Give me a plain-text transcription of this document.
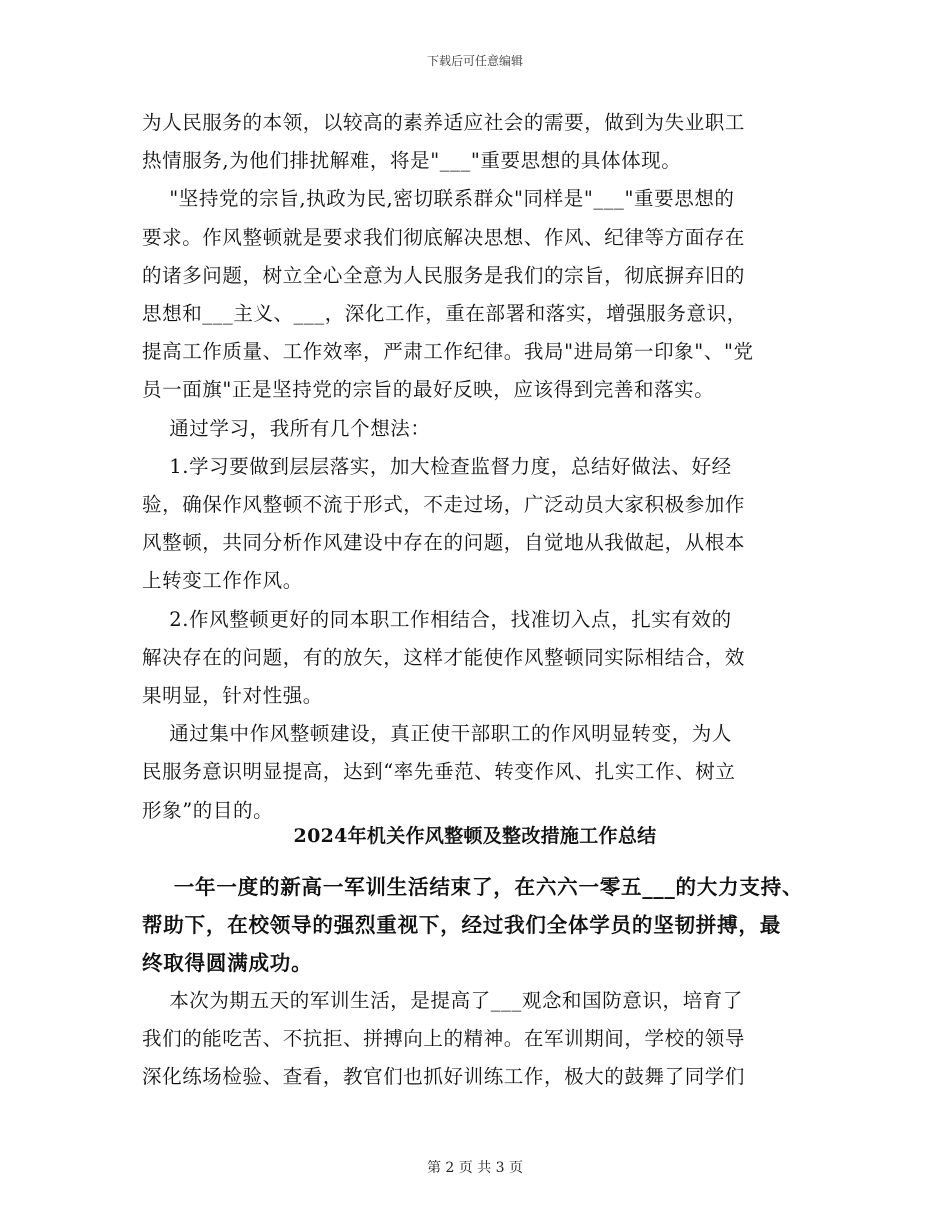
下载后可任意编辑

为人民服务的本领，以较高的素养适应社会的需要，做到为失业职工

热情服务,为他们排扰解难，将是"___"重要思想的具体体现。

"坚持党的宗旨,执政为民,密切联系群众"同样是"___"重要思想的

要求。作风整顿就是要求我们彻底解决思想、作风、纪律等方面存在

的诸多问题，树立全心全意为人民服务是我们的宗旨，彻底摒弃旧的

思想和___主义、___，深化工作，重在部署和落实，增强服务意识，

提高工作质量、工作效率，严肃工作纪律。我局"进局第一印象"、"党

员一面旗"正是坚持党的宗旨的最好反映，应该得到完善和落实。

通过学习，我所有几个想法：

1.学习要做到层层落实，加大检查监督力度，总结好做法、好经

验，确保作风整顿不流于形式，不走过场，广泛动员大家积极参加作

风整顿，共同分析作风建设中存在的问题，自觉地从我做起，从根本

上转变工作作风。

2.作风整顿更好的同本职工作相结合，找准切入点，扎实有效的

解决存在的问题，有的放矢，这样才能使作风整顿同实际相结合，效

果明显，针对性强。

通过集中作风整顿建设，真正使干部职工的作风明显转变，为人

民服务意识明显提高，达到“率先垂范、转变作风、扎实工作、树立

形象”的目的。

2024年机关作风整顿及整改措施工作总结

一年一度的新高一军训生活结束了，在六六一零五___的大力支持、

帮助下，在校领导的强烈重视下，经过我们全体学员的坚韧拼搏，最

终取得圆满成功。

本次为期五天的军训生活，是提高了___观念和国防意识，培育了

我们的能吃苦、不抗拒、拼搏向上的精神。在军训期间，学校的领导

深化练场检验、查看，教官们也抓好训练工作，极大的鼓舞了同学们

第 2 页 共 3 页
